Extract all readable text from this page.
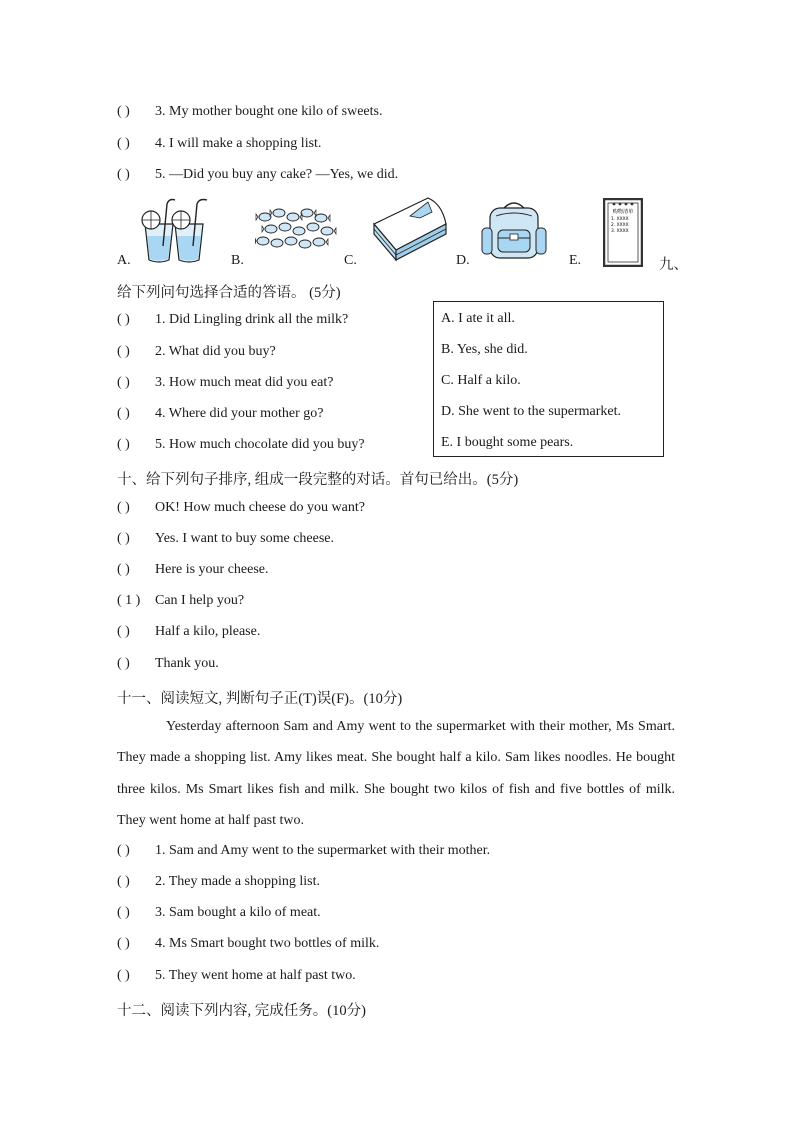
( ) 3. My mother bought one kilo of sweets.
( ) 4. I will make a shopping list.
( ) 5. —Did you buy any cake? —Yes, we did.
A.	B.	C.	D.	E.
购物清单
1. XXXX
2. XXXX
3. XXXX
九、
给下列问句选择合适的答语。 (5分)
( ) 1. Did Lingling drink all the milk?
( ) 2. What did you buy?
( ) 3. How much meat did you eat?
( ) 4. Where did your mother go?
( ) 5. How much chocolate did you buy?
A. I ate it all.
B. Yes, she did.
C. Half a kilo.
D. She went to the supermarket.
E. I bought some pears.
十、给下列句子排序, 组成一段完整的对话。首句已给出。(5分)
( ) OK! How much cheese do you want?
( ) Yes. I want to buy some cheese.
( ) Here is your cheese.
( 1 ) Can I help you?
( ) Half a kilo, please.
( ) Thank you.
十一、阅读短文, 判断句子正(T)误(F)。(10分)
Yesterday afternoon Sam and Amy went to the supermarket with their mother, Ms Smart. They made a shopping list. Amy likes meat. She bought half a kilo. Sam likes noodles. He bought three kilos. Ms Smart likes fish and milk. She bought two kilos of fish and five bottles of milk. They went home at half past two.
( ) 1. Sam and Amy went to the supermarket with their mother.
( ) 2. They made a shopping list.
( ) 3. Sam bought a kilo of meat.
( ) 4. Ms Smart bought two bottles of milk.
( ) 5. They went home at half past two.
十二、阅读下列内容, 完成任务。(10分)
